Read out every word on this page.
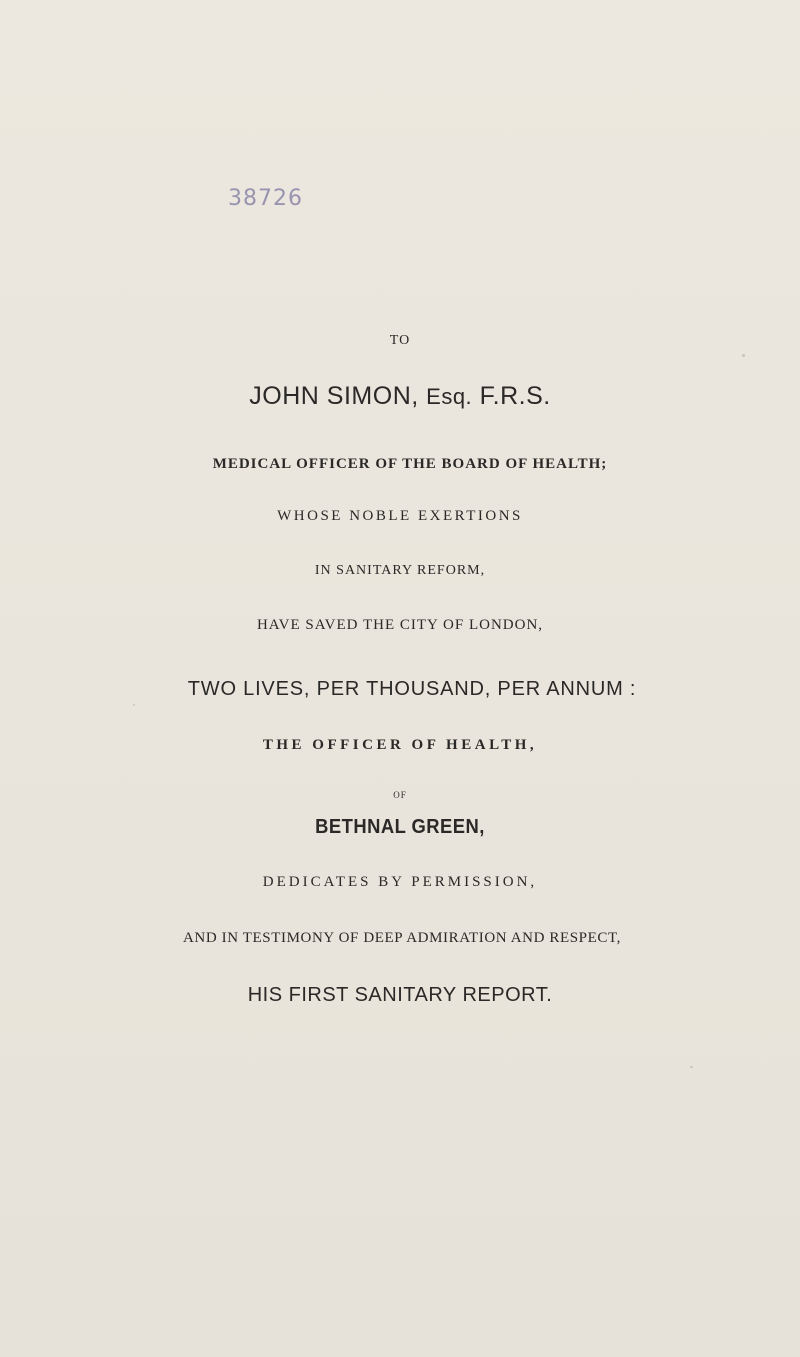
38726
TO
JOHN SIMON, Esq. F.R.S.
MEDICAL OFFICER OF THE BOARD OF HEALTH;
WHOSE NOBLE EXERTIONS
IN SANITARY REFORM,
HAVE SAVED THE CITY OF LONDON,
TWO LIVES, PER THOUSAND, PER ANNUM :
THE OFFICER OF HEALTH,
OF
BETHNAL GREEN,
DEDICATES BY PERMISSION,
AND IN TESTIMONY OF DEEP ADMIRATION AND RESPECT,
HIS FIRST SANITARY REPORT.
